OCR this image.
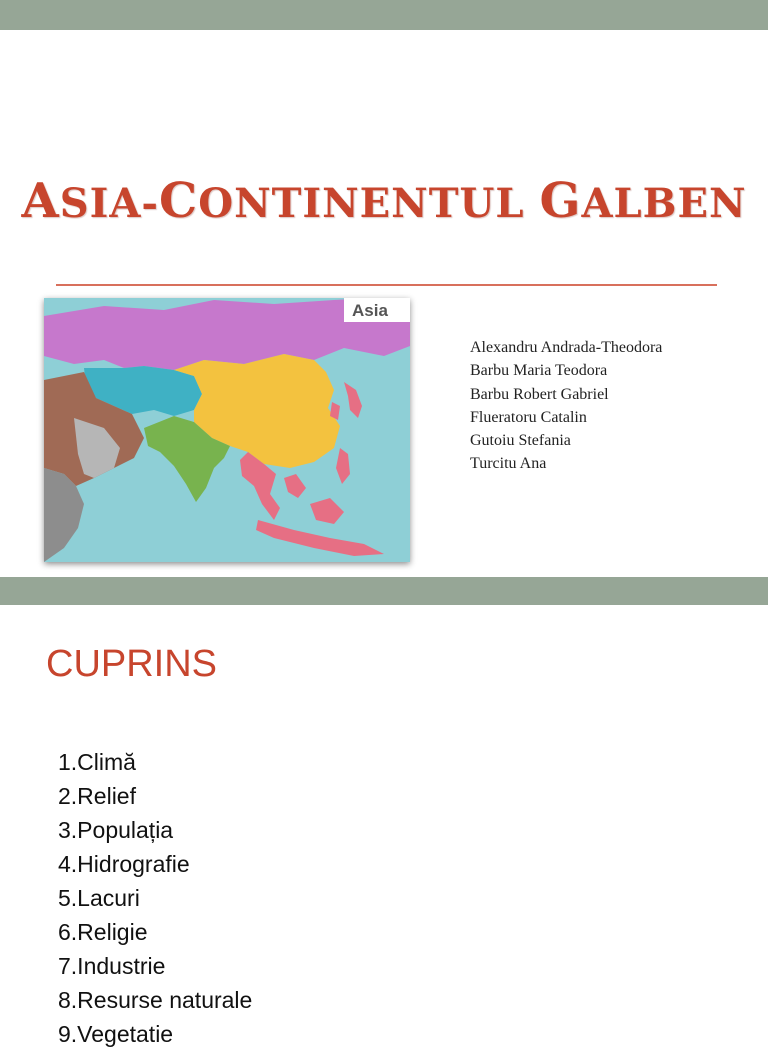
ASIA-CONTINENTUL GALBEN
Asia
Alexandru Andrada-Theodora
Barbu Maria Teodora
Barbu Robert Gabriel
Flueratoru Catalin
Gutoiu Stefania
Turcitu Ana
CUPRINS
1.Climă
2.Relief
3.Populația
4.Hidrografie
5.Lacuri
6.Religie
7.Industrie
8.Resurse naturale
9.Vegetatie
